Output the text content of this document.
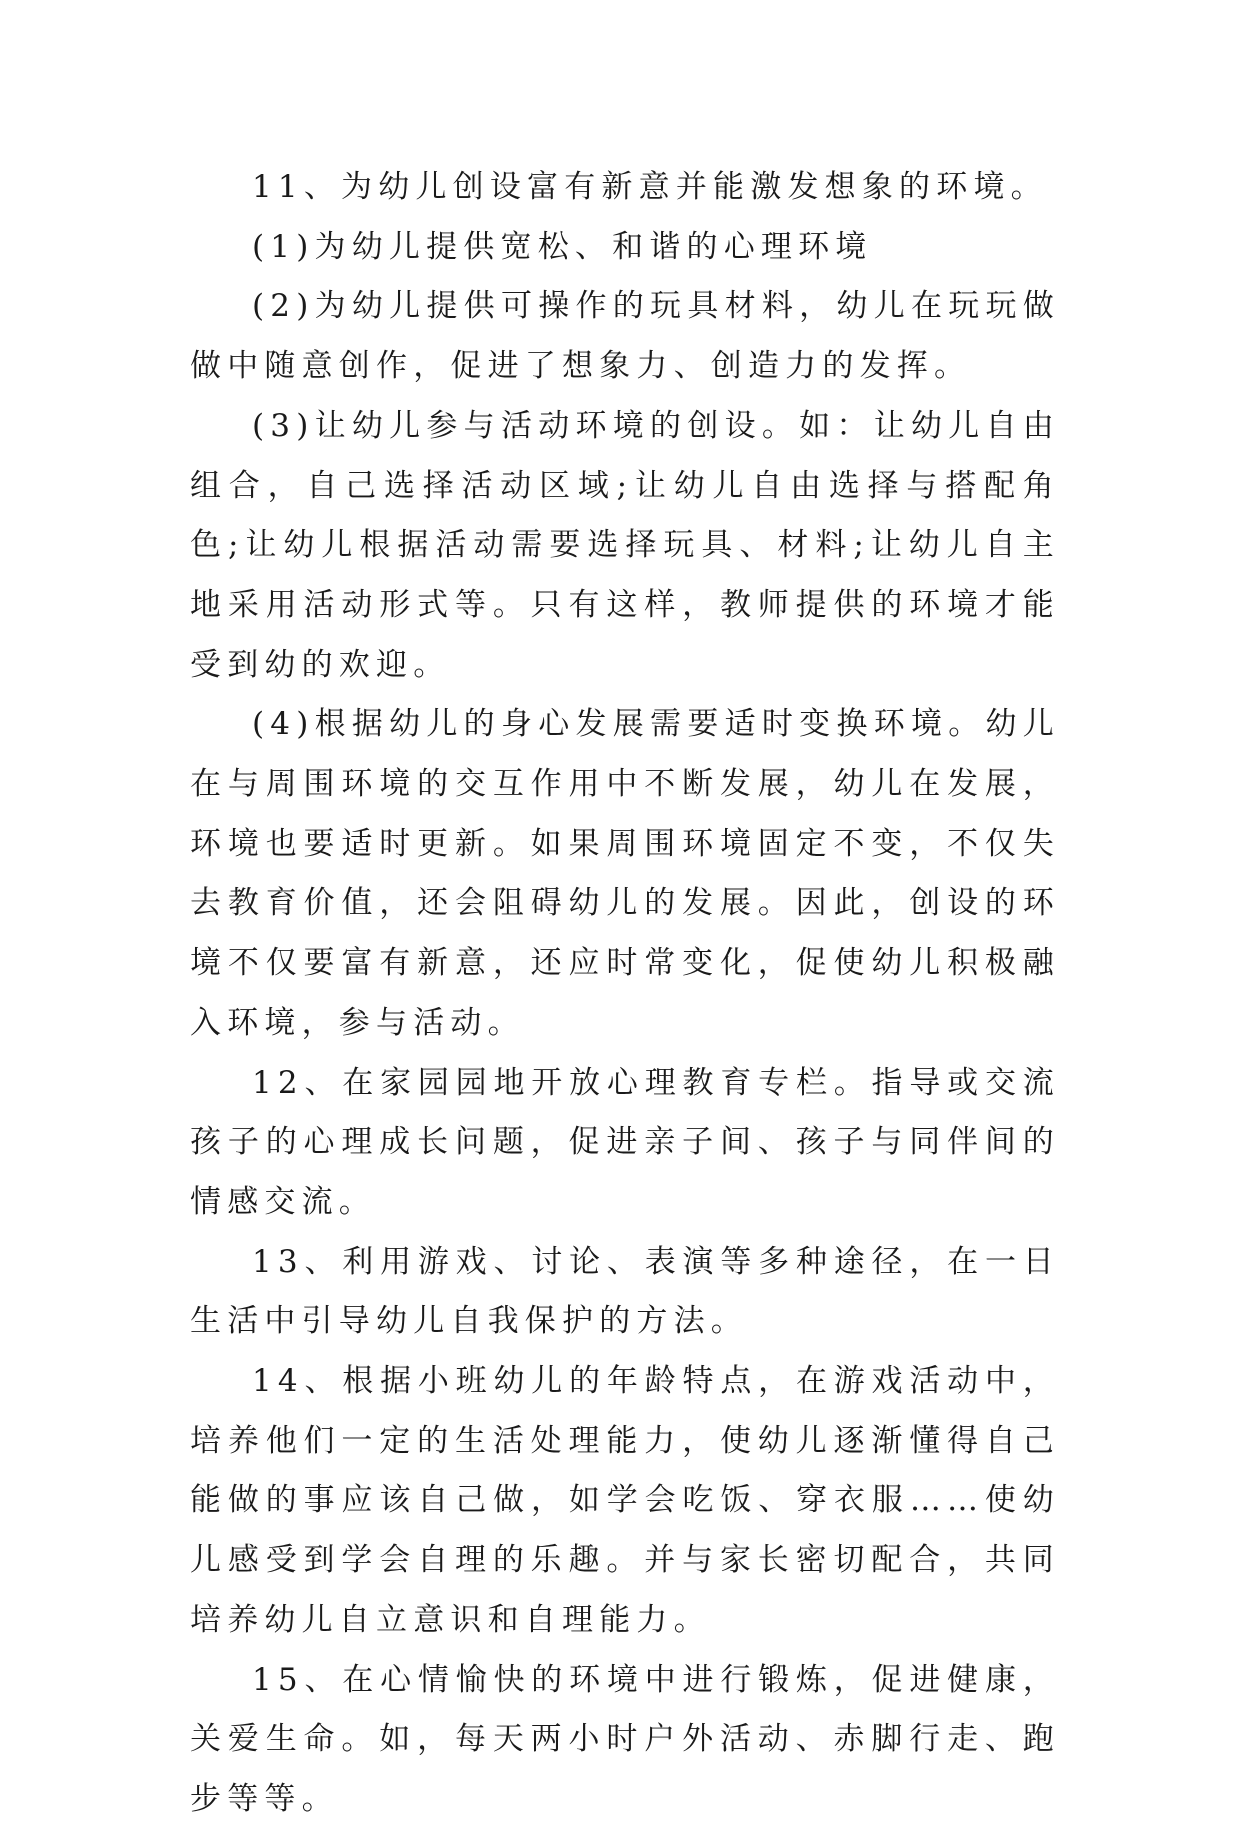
11、为幼儿创设富有新意并能激发想象的环境。

(1)为幼儿提供宽松、和谐的心理环境

(2)为幼儿提供可操作的玩具材料，幼儿在玩玩做做中随意创作，促进了想象力、创造力的发挥。

(3)让幼儿参与活动环境的创设。如：让幼儿自由组合，自己选择活动区域;让幼儿自由选择与搭配角色;让幼儿根据活动需要选择玩具、材料;让幼儿自主地采用活动形式等。只有这样，教师提供的环境才能受到幼的欢迎。

(4)根据幼儿的身心发展需要适时变换环境。幼儿在与周围环境的交互作用中不断发展，幼儿在发展，环境也要适时更新。如果周围环境固定不变，不仅失去教育价值，还会阻碍幼儿的发展。因此，创设的环境不仅要富有新意，还应时常变化，促使幼儿积极融入环境，参与活动。

12、在家园园地开放心理教育专栏。指导或交流孩子的心理成长问题，促进亲子间、孩子与同伴间的情感交流。

13、利用游戏、讨论、表演等多种途径，在一日生活中引导幼儿自我保护的方法。

14、根据小班幼儿的年龄特点，在游戏活动中，培养他们一定的生活处理能力，使幼儿逐渐懂得自己能做的事应该自己做，如学会吃饭、穿衣服……使幼儿感受到学会自理的乐趣。并与家长密切配合，共同培养幼儿自立意识和自理能力。

15、在心情愉快的环境中进行锻炼，促进健康，关爱生命。如，每天两小时户外活动、赤脚行走、跑步等等。
